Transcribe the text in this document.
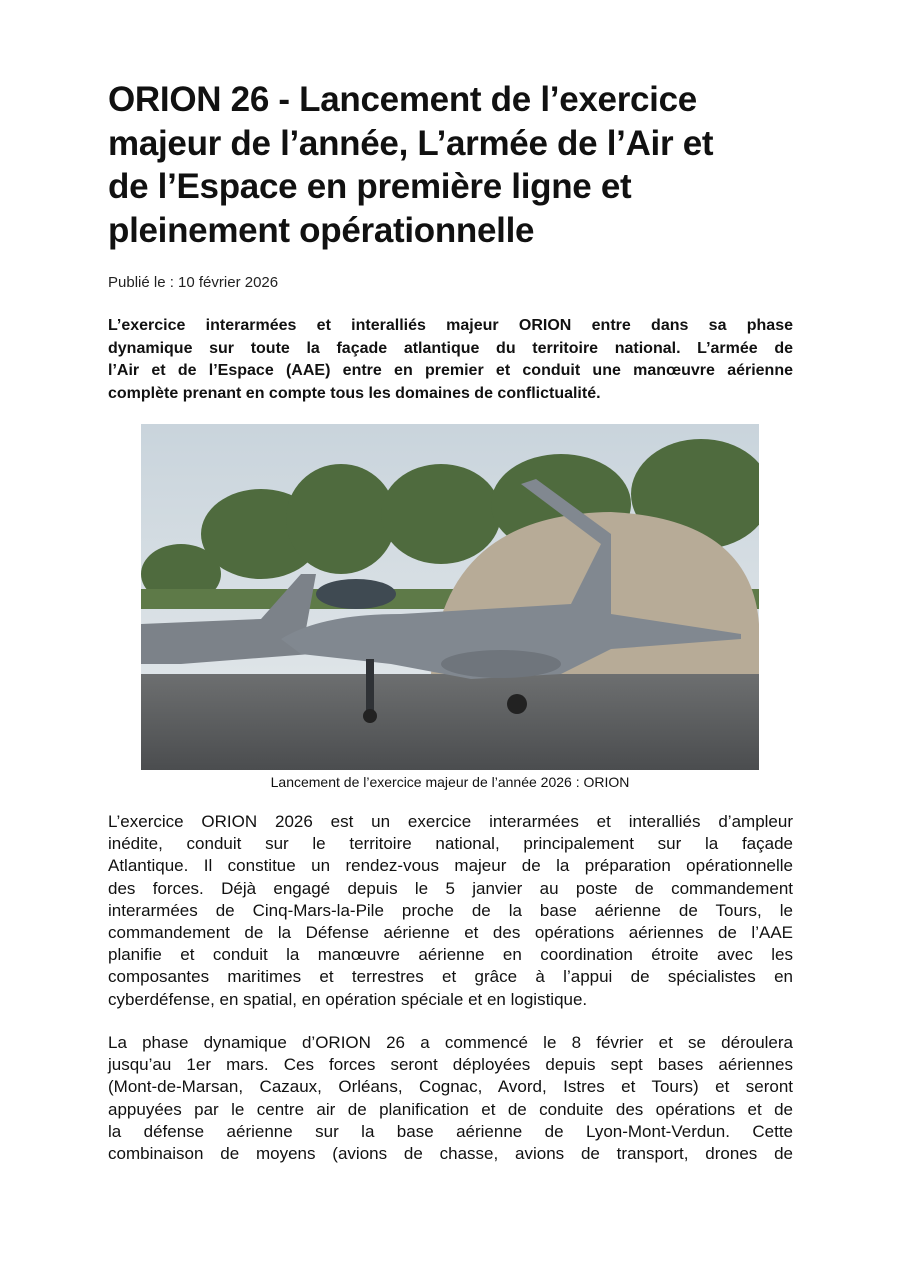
ORION 26 - Lancement de l’exercice
majeur de l’année, L’armée de l’Air et
de l’Espace en première ligne et
pleinement opérationnelle
Publié le : 10 février 2026
L’exercice interarmées et interalliés majeur ORION entre dans sa phase
dynamique sur toute la façade atlantique du territoire national. L’armée de
l’Air et de l’Espace (AAE) entre en premier et conduit une manœuvre aérienne
complète prenant en compte tous les domaines de conflictualité.
Lancement de l’exercice majeur de l’année 2026 : ORION
L’exercice ORION 2026 est un exercice interarmées et interalliés d’ampleur
inédite, conduit sur le territoire national, principalement sur la façade
Atlantique. Il constitue un rendez-vous majeur de la préparation opérationnelle
des forces. Déjà engagé depuis le 5 janvier au poste de commandement
interarmées de Cinq-Mars-la-Pile proche de la base aérienne de Tours, le
commandement de la Défense aérienne et des opérations aériennes de l’AAE
planifie et conduit la manœuvre aérienne en coordination étroite avec les
composantes maritimes et terrestres et grâce à l’appui de spécialistes en
cyberdéfense, en spatial, en opération spéciale et en logistique.
La phase dynamique d’ORION 26 a commencé le 8 février et se déroulera
jusqu’au 1er mars. Ces forces seront déployées depuis sept bases aériennes
(Mont-de-Marsan, Cazaux, Orléans, Cognac, Avord, Istres et Tours) et seront
appuyées par le centre air de planification et de conduite des opérations et de
la défense aérienne sur la base aérienne de Lyon-Mont-Verdun. Cette
combinaison de moyens (avions de chasse, avions de transport, drones de
